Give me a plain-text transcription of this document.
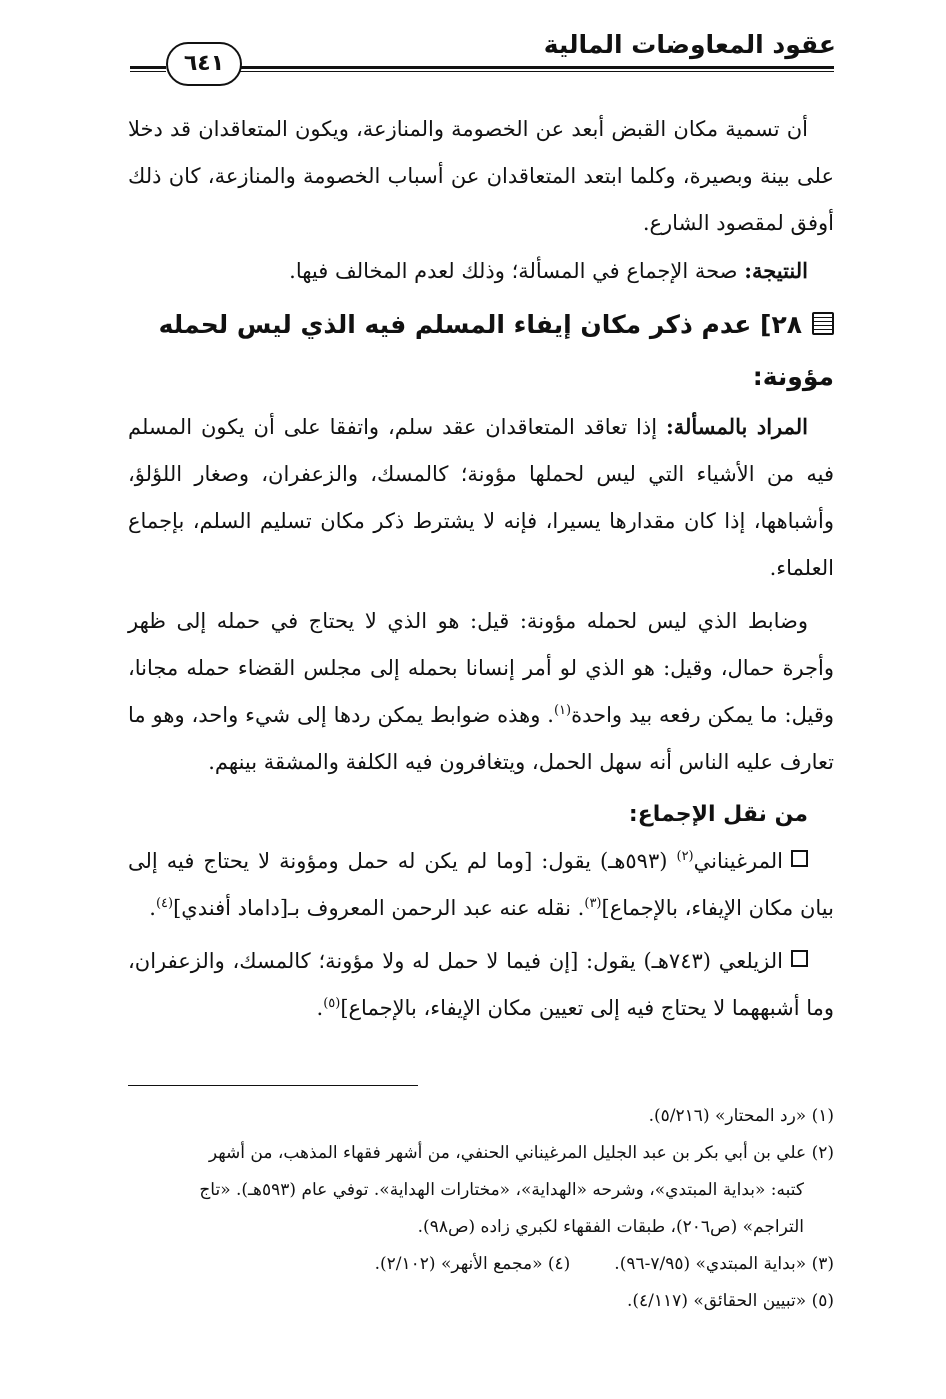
عقود المعاوضات المالية
٦٤١

أن تسمية مكان القبض أبعد عن الخصومة والمنازعة، ويكون المتعاقدان قد دخلا على بينة وبصيرة، وكلما ابتعد المتعاقدان عن أسباب الخصومة والمنازعة، كان ذلك أوفق لمقصود الشارع.

النتيجة: صحة الإجماع في المسألة؛ وذلك لعدم المخالف فيها.

٢٨] عدم ذكر مكان إيفاء المسلم فيه الذي ليس لحمله مؤونة:

المراد بالمسألة: إذا تعاقد المتعاقدان عقد سلم، واتفقا على أن يكون المسلم فيه من الأشياء التي ليس لحملها مؤونة؛ كالمسك، والزعفران، وصغار اللؤلؤ، وأشباهها، إذا كان مقدارها يسيرا، فإنه لا يشترط ذكر مكان تسليم السلم، بإجماع العلماء.

وضابط الذي ليس لحمله مؤونة: قيل: هو الذي لا يحتاج في حمله إلى ظهر وأجرة حمال، وقيل: هو الذي لو أمر إنسانا بحمله إلى مجلس القضاء حمله مجانا، وقيل: ما يمكن رفعه بيد واحدة$^{(١)}$. وهذه ضوابط يمكن ردها إلى شيء واحد، وهو ما تعارف عليه الناس أنه سهل الحمل، ويتغافرون فيه الكلفة والمشقة بينهم.

من نقل الإجماع:

المرغيناني$^{(٢)}$ (٥٩٣هـ) يقول: [وما لم يكن له حمل ومؤونة لا يحتاج فيه إلى بيان مكان الإيفاء، بالإجماع]$^{(٣)}$. نقله عنه عبد الرحمن المعروف بـ[داماد أفندي]$^{(٤)}$.

الزيلعي (٧٤٣هـ) يقول: [إن فيما لا حمل له ولا مؤونة؛ كالمسك، والزعفران، وما أشبههما لا يحتاج فيه إلى تعيين مكان الإيفاء، بالإجماع]$^{(٥)}$.

(١) «رد المحتار» (٥/٢١٦).

(٢) علي بن أبي بكر بن عبد الجليل المرغيناني الحنفي، من أشهر فقهاء المذهب، من أشهر

كتبه: «بداية المبتدي»، وشرحه «الهداية»، «مختارات الهداية». توفي عام (٥٩٣هـ). «تاج

التراجم» (ص٢٠٦)، طبقات الفقهاء لكبري زاده (ص٩٨).

(٣) «بداية المبتدي» (٧/٩٥-٩٦).

(٤) «مجمع الأنهر» (٢/١٠٢).

(٥) «تبيين الحقائق» (٤/١١٧).
